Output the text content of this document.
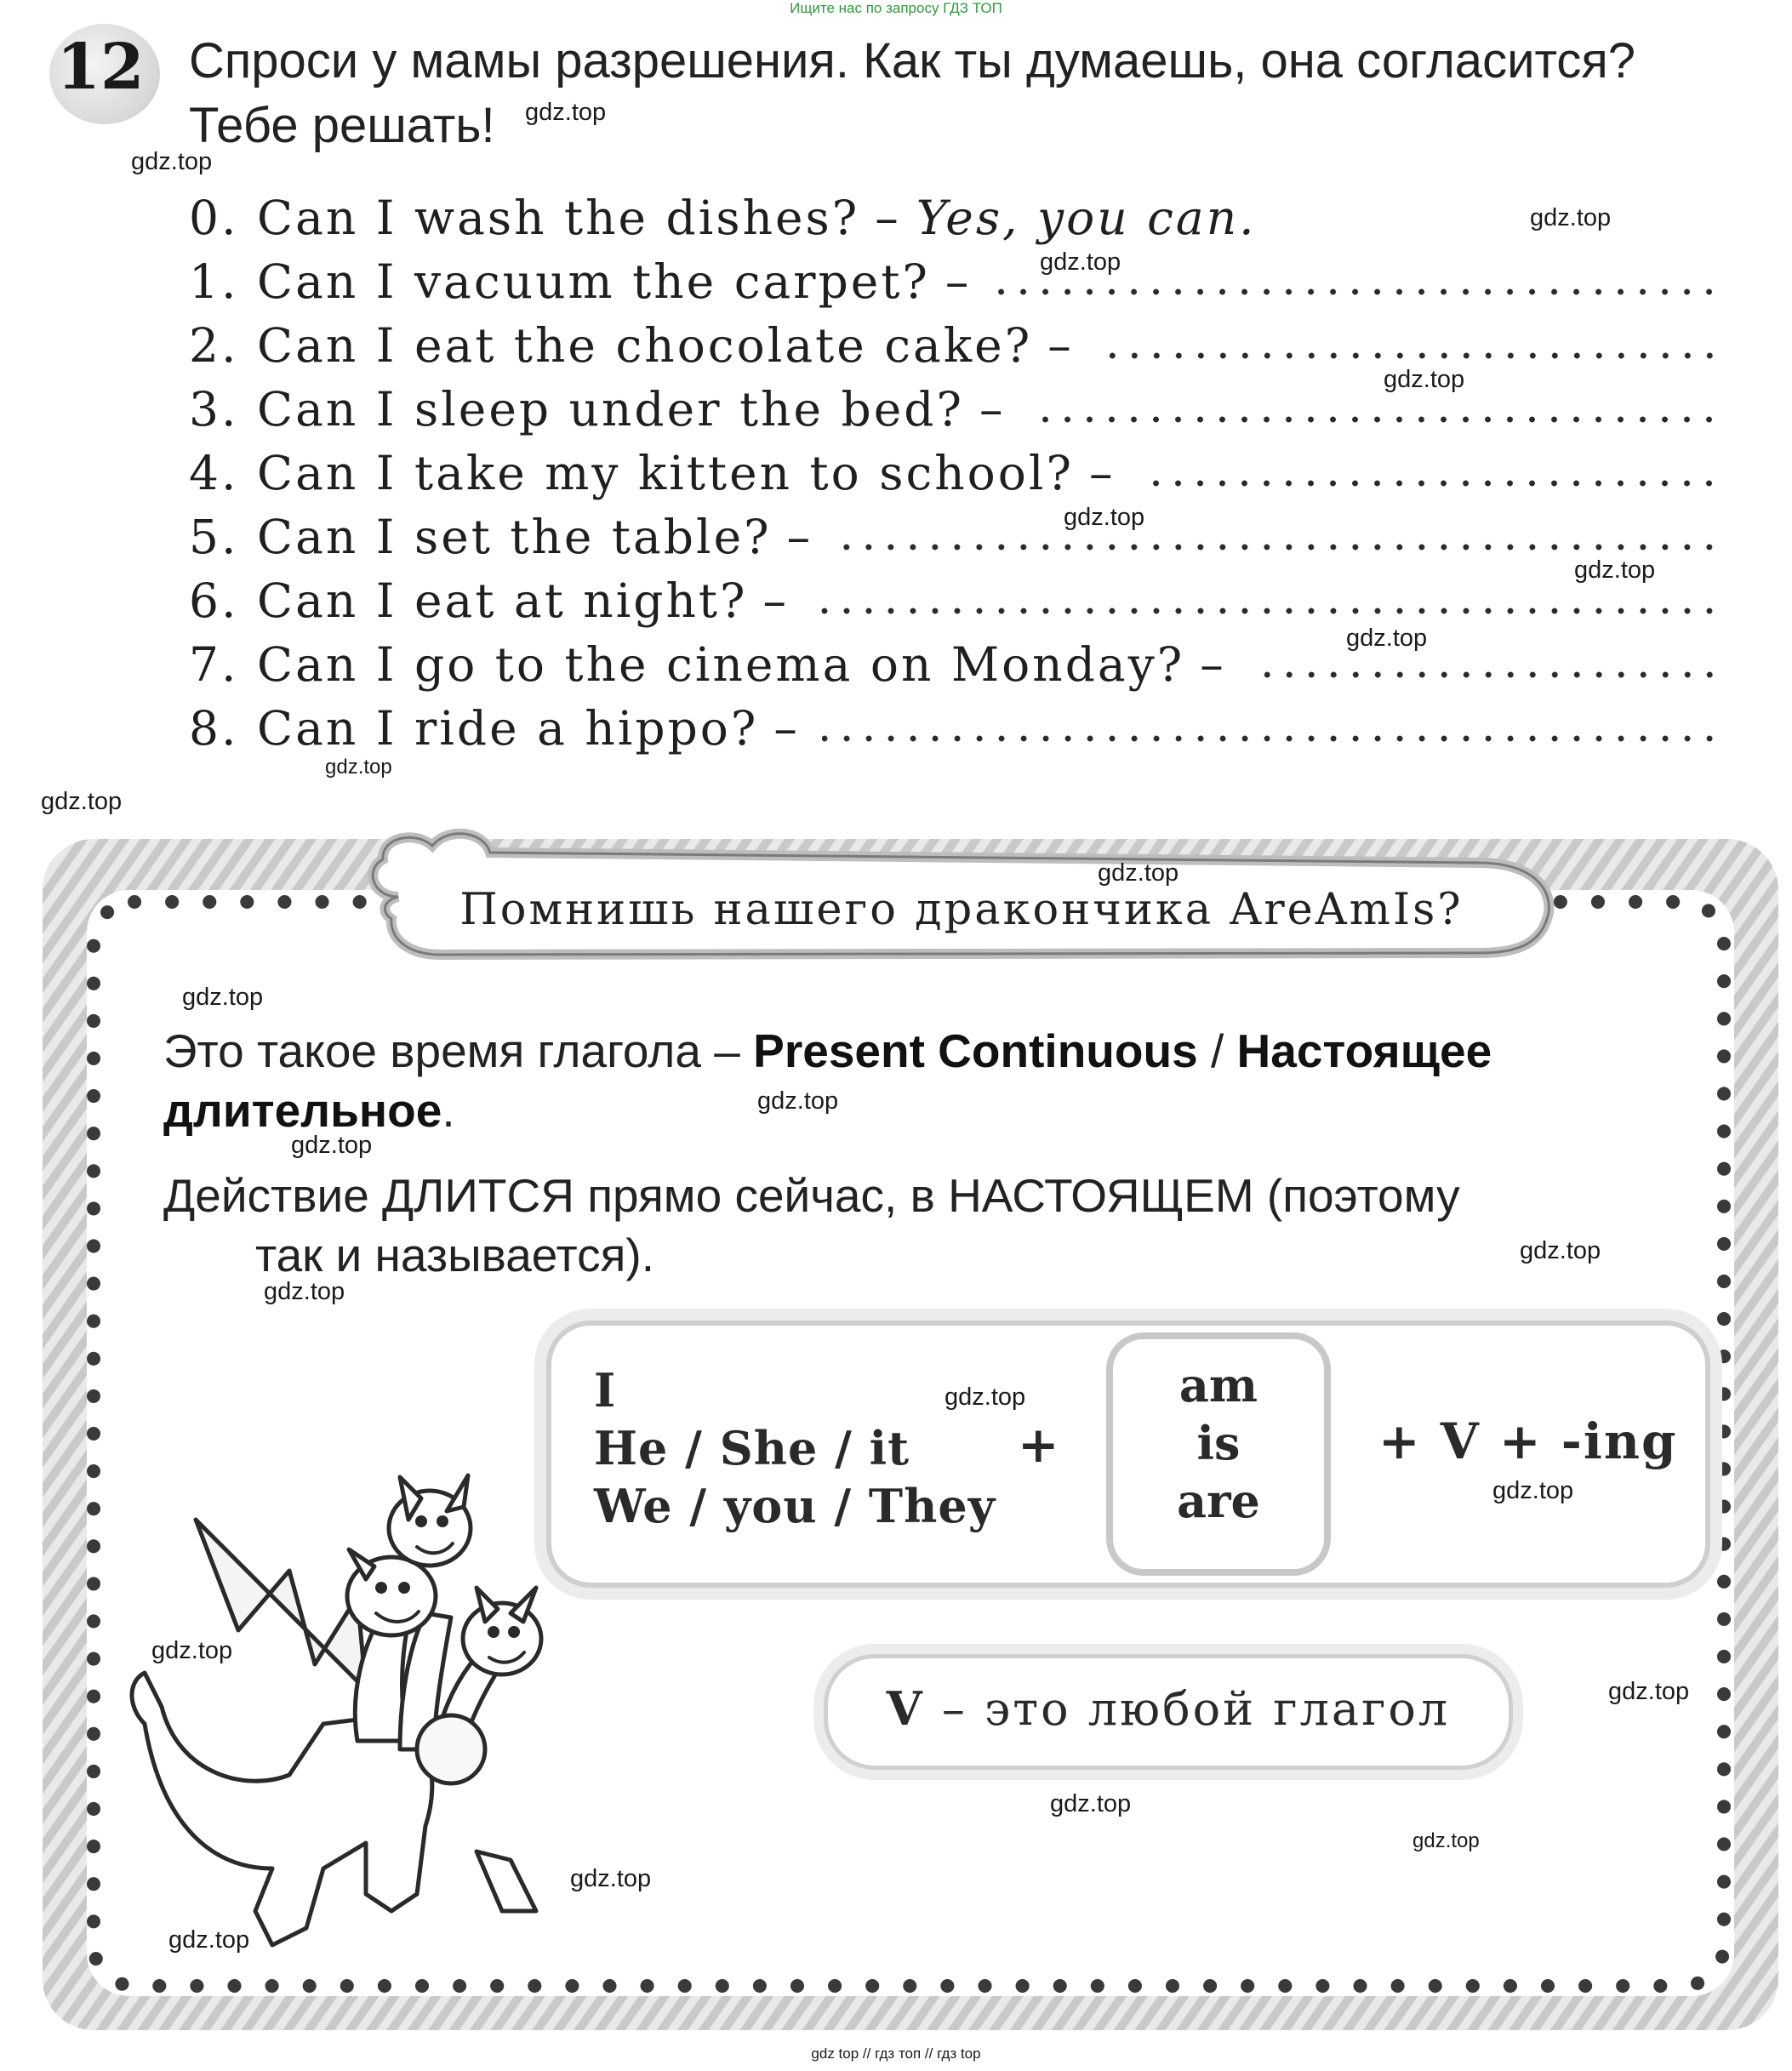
Ищите нас по запросу ГДЗ ТОП
12 Спроси у мамы разрешения. Как ты думаешь, она согласится?
Тебе решать!
0. Can I wash the dishes? – Yes, you can.
1. Can I vacuum the carpet? –
2. Can I eat the chocolate cake? –
3. Can I sleep under the bed? –
4. Can I take my kitten to school? –
5. Can I set the table? –
6. Can I eat at night? –
7. Can I go to the cinema on Monday? –
8. Can I ride a hippo? –
Помнишь нашего дракончика AreAmIs?
Это такое время глагола – Present Continuous / Настоящее длительное.
Действие ДЛИТСЯ прямо сейчас, в НАСТОЯЩЕМ (поэтому
так и называется).
I
He / She / it
We / you / They
+
am
is
are
+ V + -ing
V – это любой глагол
gdz.top
gdz.top
gdz.top
gdz.top
gdz.top
gdz.top
gdz.top
gdz.top
gdz.top
gdz.top
gdz.top
gdz.top
gdz.top
gdz.top
gdz.top
gdz.top
gdz.top
gdz.top
gdz.top
gdz.top
gdz.top
gdz.top
gdz.top
gdz.top
gdz top // гдз топ // гдз top
